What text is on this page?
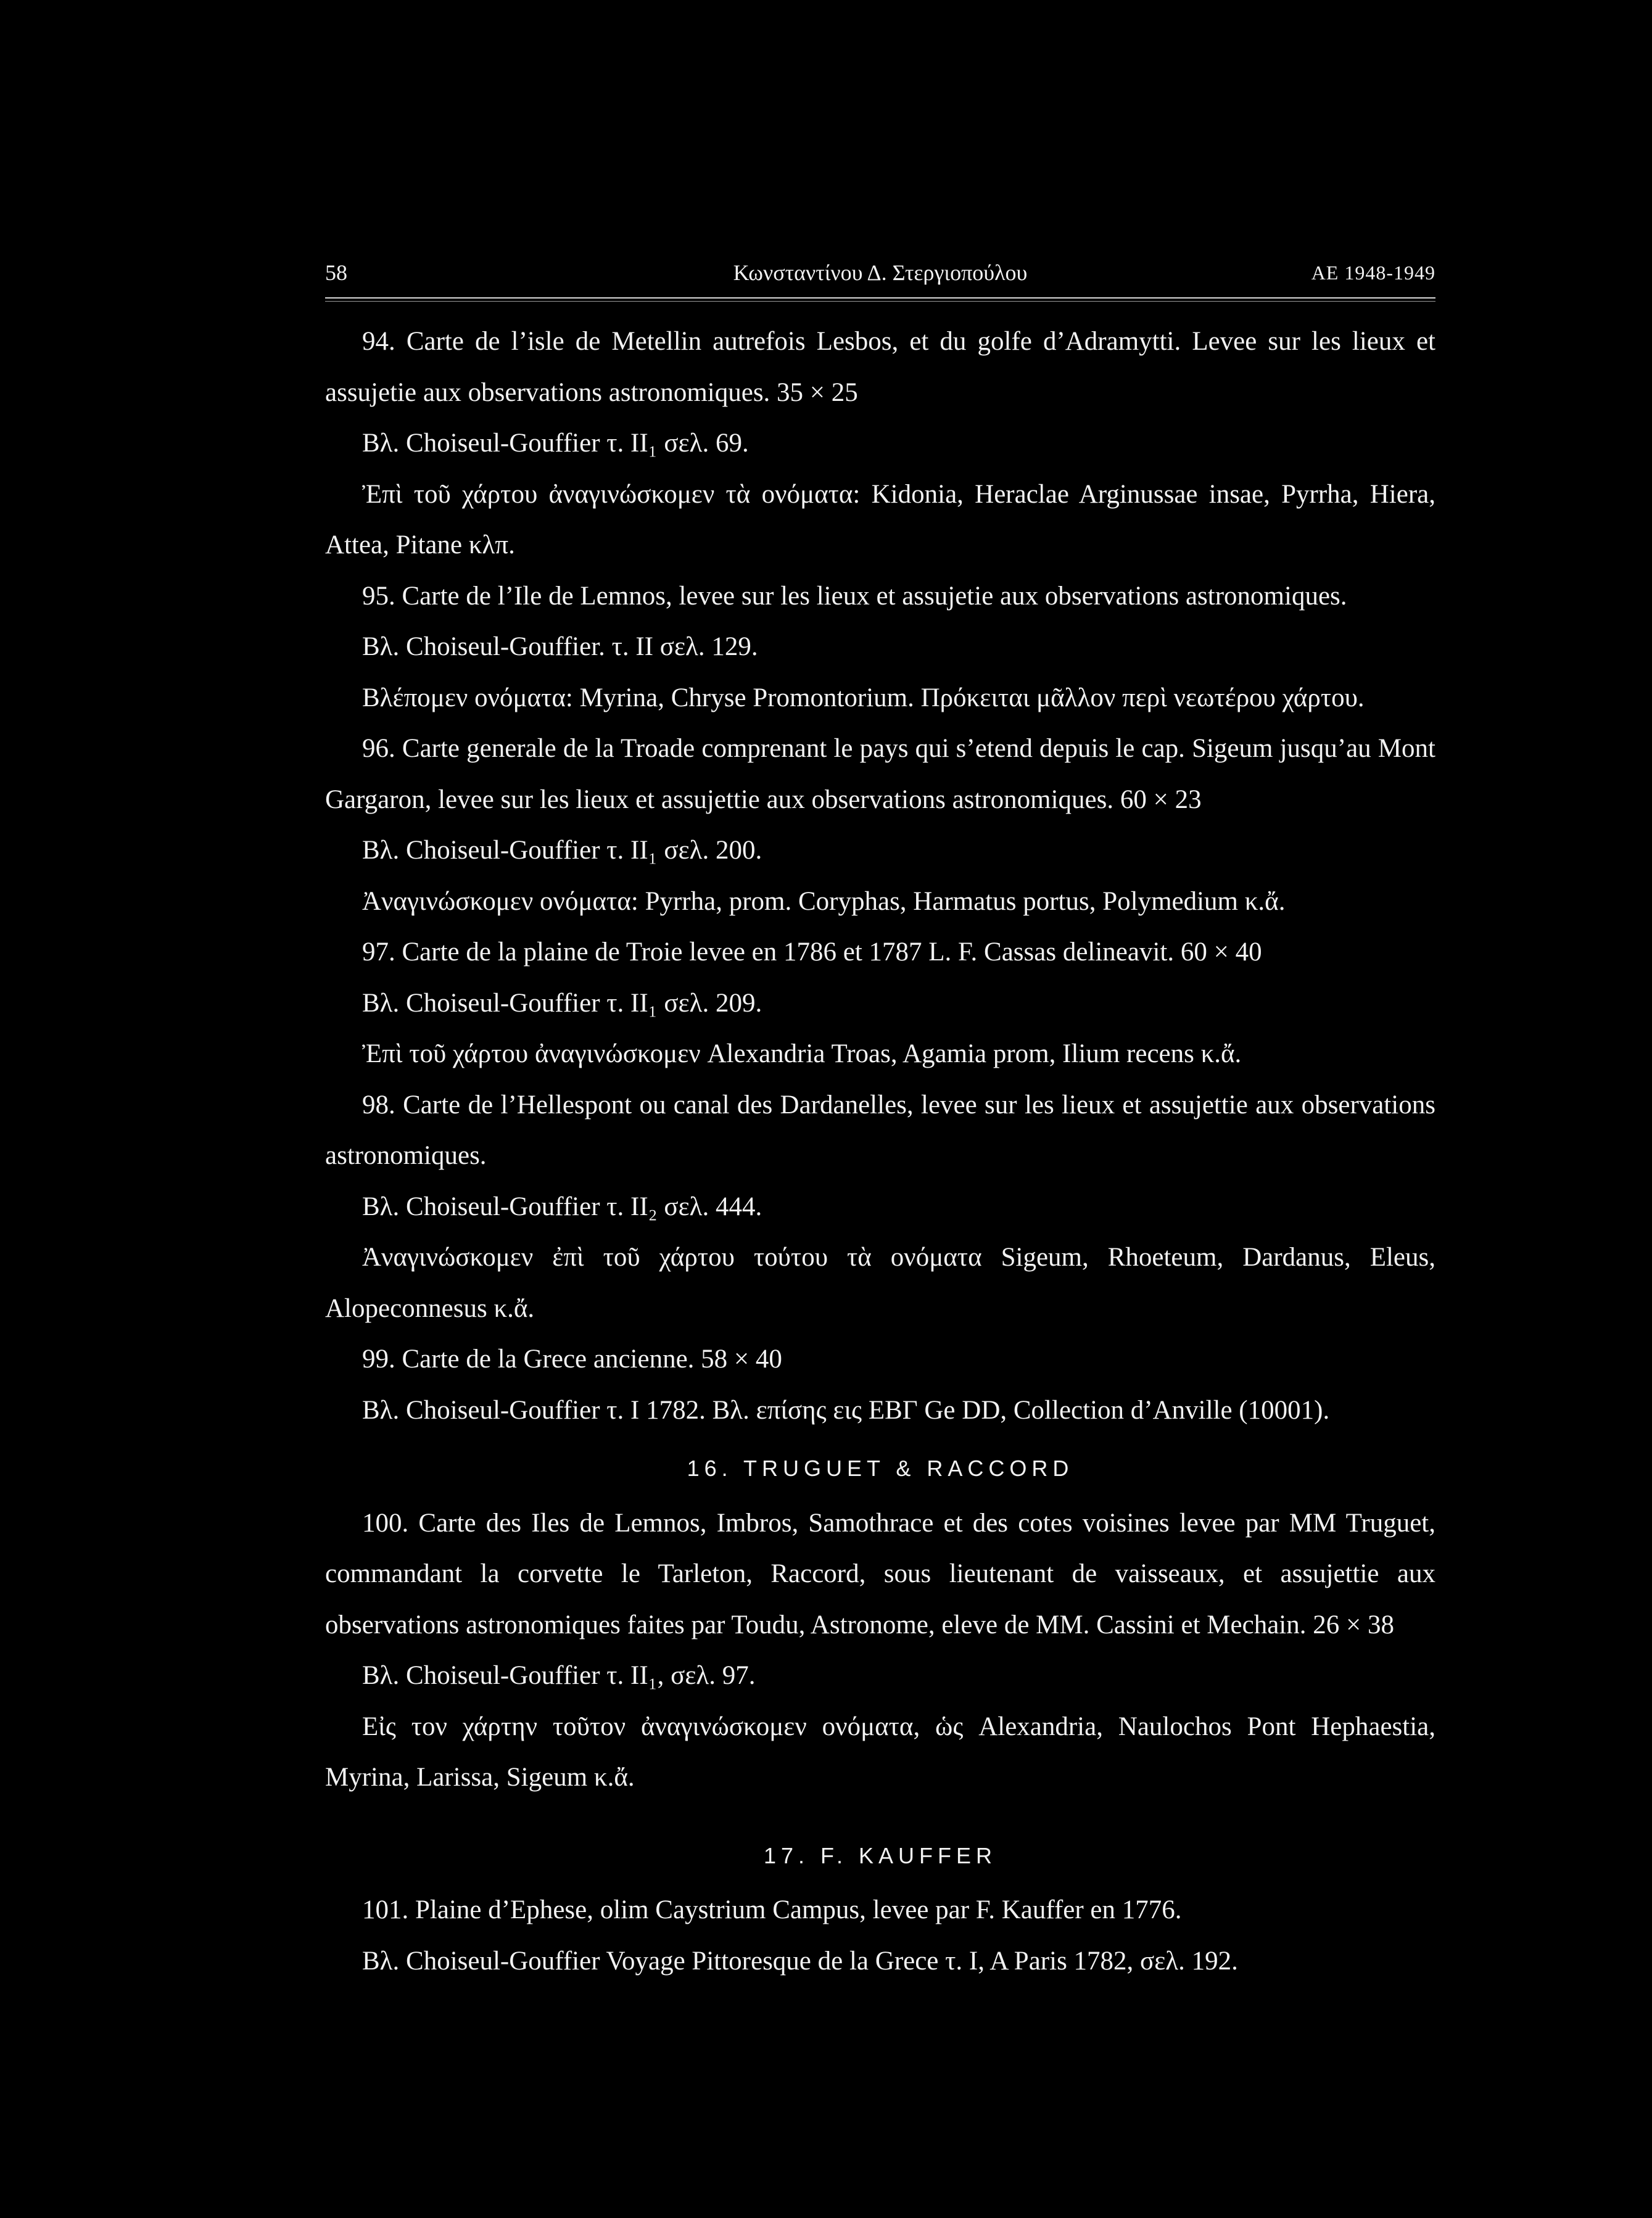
58	Κωνσταντίνου Δ. Στεργιοπούλου	ΑΕ 1948-1949
94. Carte de l’isle de Metellin autrefois Lesbos, et du golfe d’Adramytti. Levee sur les lieux et assujetie aux observations astronomiques. 35 × 25
Βλ. Choiseul-Gouffier τ. II₁ σελ. 69.
Ἐπὶ τοῦ χάρτου ἀναγινώσκομεν τὰ ονόματα: Kidonia, Heraclae Arginussae insae, Pyrrha, Hiera, Attea, Pitane κλπ.
95. Carte de l’Ile de Lemnos, levee sur les lieux et assujetie aux observations astronomiques.
Βλ. Choiseul-Gouffier. τ. II σελ. 129.
Βλέπομεν ονόματα: Myrina, Chryse Promontorium. Πρόκειται μᾶλλον περὶ νεωτέρου χάρτου.
96. Carte generale de la Troade comprenant le pays qui s’etend depuis le cap. Sigeum jusqu’au Mont Gargaron, levee sur les lieux et assujettie aux observations astronomiques. 60 × 23
Βλ. Choiseul-Gouffier τ. II₁ σελ. 200.
Ἀναγινώσκομεν ονόματα: Pyrrha, prom. Coryphas, Harmatus portus, Polymedium κ.ἄ.
97. Carte de la plaine de Troie levee en 1786 et 1787 L. F. Cassas delineavit. 60 × 40
Βλ. Choiseul-Gouffier τ. II₁ σελ. 209.
Ἐπὶ τοῦ χάρτου ἀναγινώσκομεν Alexandria Troas, Agamia prom, Ilium recens κ.ἄ.
98. Carte de l’Hellespont ou canal des Dardanelles, levee sur les lieux et assujettie aux observations astronomiques.
Βλ. Choiseul-Gouffier τ. II₂ σελ. 444.
Ἀναγινώσκομεν ἐπὶ τοῦ χάρτου τούτου τὰ ονόματα Sigeum, Rhoeteum, Dardanus, Eleus, Alopeconnesus κ.ἄ.
99. Carte de la Grece ancienne. 58 × 40
Βλ. Choiseul-Gouffier τ. I 1782. Βλ. επίσης εις ΕΒΓ Ge DD, Collection d’Anville (10001).
16. TRUGUET & RACCORD
100. Carte des Iles de Lemnos, Imbros, Samothrace et des cotes voisines levee par MM Truguet, commandant la corvette le Tarleton, Raccord, sous lieutenant de vaisseaux, et assujettie aux observations astronomiques faites par Toudu, Astronome, eleve de MM. Cassini et Mechain. 26 × 38
Βλ. Choiseul-Gouffier τ. II₁, σελ. 97.
Εἰς τον χάρτην τοῦτον ἀναγινώσκομεν ονόματα, ὡς Alexandria, Naulochos Pont Hephaestia, Myrina, Larissa, Sigeum κ.ἄ.
17. F. KAUFFER
101. Plaine d’Ephese, olim Caystrium Campus, levee par F. Kauffer en 1776.
Βλ. Choiseul-Gouffier Voyage Pittoresque de la Grece τ. I, A Paris 1782, σελ. 192.
